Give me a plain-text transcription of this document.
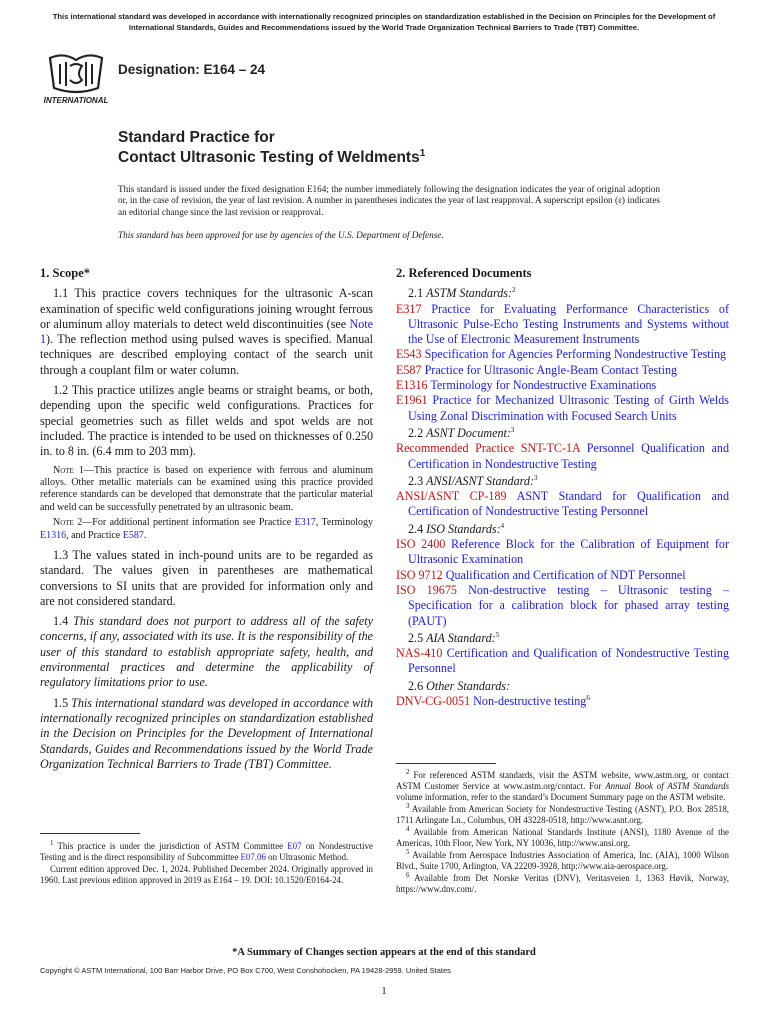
This international standard was developed in accordance with internationally recognized principles on standardization established in the Decision on Principles for the Development of International Standards, Guides and Recommendations issued by the World Trade Organization Technical Barriers to Trade (TBT) Committee.
INTERNATIONAL
Designation: E164 – 24
Standard Practice for
Contact Ultrasonic Testing of Weldments$^1$
This standard is issued under the fixed designation E164; the number immediately following the designation indicates the year of original adoption or, in the case of revision, the year of last revision. A number in parentheses indicates the year of last reapproval. A superscript epsilon (ε) indicates an editorial change since the last revision or reapproval.
This standard has been approved for use by agencies of the U.S. Department of Defense.
1. Scope*

1.1 This practice covers techniques for the ultrasonic A-scan examination of specific weld configurations joining wrought ferrous or aluminum alloy materials to detect weld discontinuities (see Note 1). The reflection method using pulsed waves is specified. Manual techniques are described employing contact of the search unit through a couplant film or water column.

1.2 This practice utilizes angle beams or straight beams, or both, depending upon the specific weld configurations. Practices for special geometries such as fillet welds and spot welds are not included. The practice is intended to be used on thicknesses of 0.250 in. to 8 in. (6.4 mm to 203 mm).

Note 1—This practice is based on experience with ferrous and aluminum alloys. Other metallic materials can be examined using this practice provided reference standards can be developed that demonstrate that the particular material and weld can be successfully penetrated by an ultrasonic beam.

Note 2—For additional pertinent information see Practice E317, Terminology E1316, and Practice E587.

1.3 The values stated in inch-pound units are to be regarded as standard. The values given in parentheses are mathematical conversions to SI units that are provided for information only and are not considered standard.

1.4 This standard does not purport to address all of the safety concerns, if any, associated with its use. It is the responsibility of the user of this standard to establish appropriate safety, health, and environmental practices and determine the applicability of regulatory limitations prior to use.

1.5 This international standard was developed in accordance with internationally recognized principles on standardization established in the Decision on Principles for the Development of International Standards, Guides and Recommendations issued by the World Trade Organization Technical Barriers to Trade (TBT) Committee.

2. Referenced Documents
2.1 ASTM Standards:$^2$
E317 Practice for Evaluating Performance Characteristics of Ultrasonic Pulse-Echo Testing Instruments and Systems without the Use of Electronic Measurement Instruments
E543 Specification for Agencies Performing Nondestructive Testing
E587 Practice for Ultrasonic Angle-Beam Contact Testing
E1316 Terminology for Nondestructive Examinations
E1961 Practice for Mechanized Ultrasonic Testing of Girth Welds Using Zonal Discrimination with Focused Search Units
2.2 ASNT Document:$^3$
Recommended Practice SNT-TC-1A Personnel Qualification and Certification in Nondestructive Testing
2.3 ANSI/ASNT Standard:$^3$
ANSI/ASNT CP-189 ASNT Standard for Qualification and Certification of Nondestructive Testing Personnel
2.4 ISO Standards:$^4$
ISO 2400 Reference Block for the Calibration of Equipment for Ultrasonic Examination
ISO 9712 Qualification and Certification of NDT Personnel
ISO 19675 Non-destructive testing – Ultrasonic testing – Specification for a calibration block for phased array testing (PAUT)
2.5 AIA Standard:$^5$
NAS-410 Certification and Qualification of Nondestructive Testing Personnel
2.6 Other Standards:
DNV-CG-0051 Non-destructive testing$^6$

$^1$ This practice is under the jurisdiction of ASTM Committee E07 on Nondestructive Testing and is the direct responsibility of Subcommittee E07.06 on Ultrasonic Method.

Current edition approved Dec. 1, 2024. Published December 2024. Originally approved in 1960. Last previous edition approved in 2019 as E164 – 19. DOI: 10.1520/E0164-24.

$^2$ For referenced ASTM standards, visit the ASTM website, www.astm.org, or contact ASTM Customer Service at www.astm.org/contact. For Annual Book of ASTM Standards volume information, refer to the standard’s Document Summary page on the ASTM website.

$^3$ Available from American Society for Nondestructive Testing (ASNT), P.O. Box 28518, 1711 Arlingate Ln., Columbus, OH 43228-0518, http://www.asnt.org.

$^4$ Available from American National Standards Institute (ANSI), 1180 Avenue of the Americas, 10th Floor, New York, NY 10036, http://www.ansi.org.

$^5$ Available from Aerospace Industries Association of America, Inc. (AIA), 1000 Wilson Blvd., Suite 1700, Arlington, VA 22209-3928, http://www.aia-aerospace.org.

$^6$ Available from Det Norske Veritas (DNV), Veritasveien 1, 1363 Høvik, Norway, https://www.dnv.com/.

*A Summary of Changes section appears at the end of this standard
Copyright © ASTM International, 100 Barr Harbor Drive, PO Box C700, West Conshohocken, PA 19428-2959. United States
1
